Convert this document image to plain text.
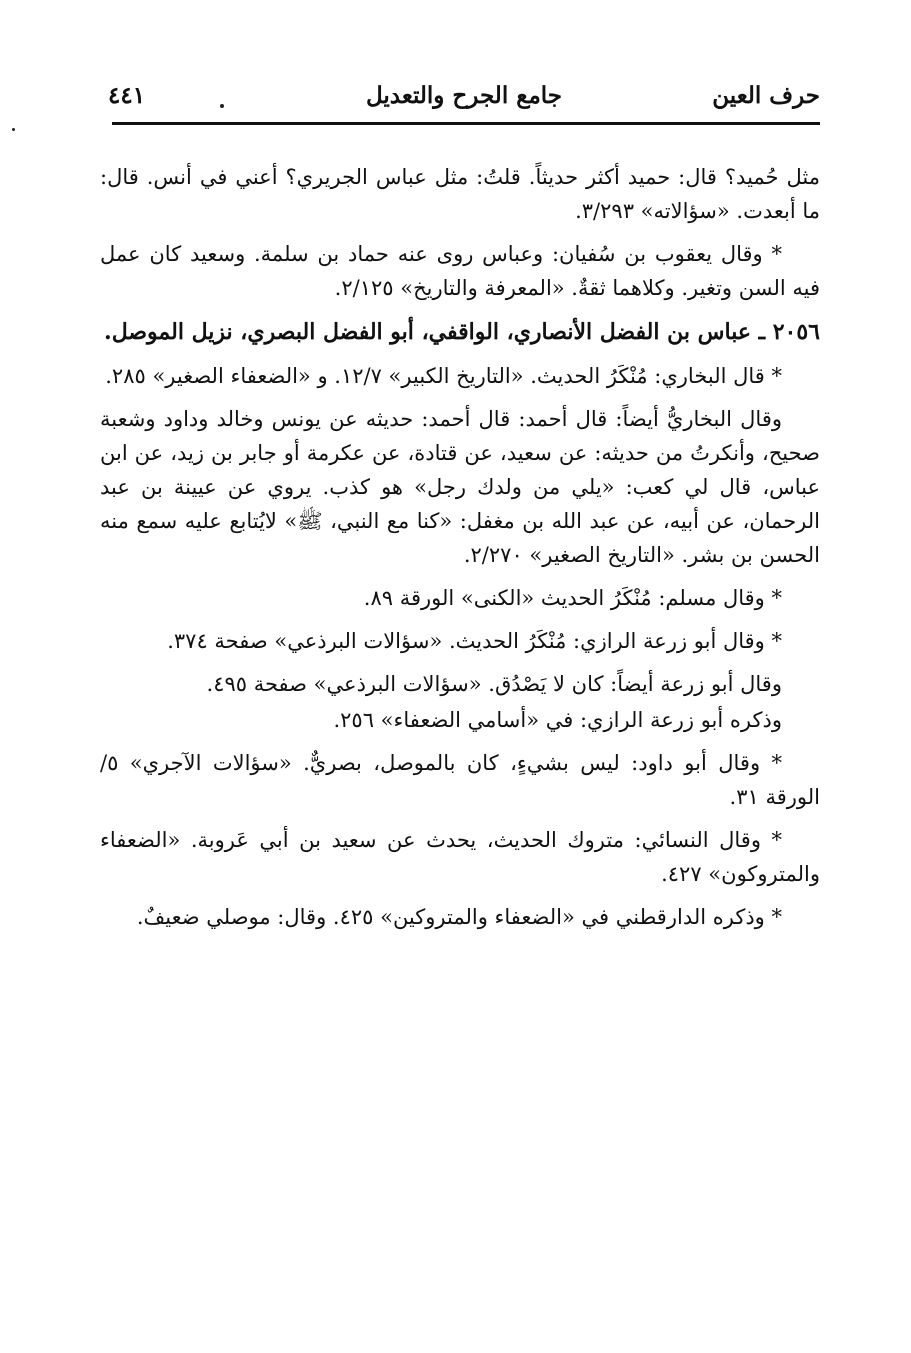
حرف العين
جامع الجرح والتعديل
٤٤١

مثل حُميد؟ قال: حميد أكثر حديثاً. قلتُ: مثل عباس الجريري؟ أعني في أنس. قال: ما أبعدت. «سؤالاته» ٣/٢٩٣.

* وقال يعقوب بن سُفيان: وعباس روى عنه حماد بن سلمة. وسعيد كان عمل فيه السن وتغير. وكلاهما ثقةٌ. «المعرفة والتاريخ» ٢/١٢٥.

٢٠٥٦ ـ عباس بن الفضل الأنصاري، الواقفي، أبو الفضل البصري، نزيل الموصل.

* قال البخاري: مُنْكَرُ الحديث. «التاريخ الكبير» ١٢/٧. و «الضعفاء الصغير» ٢٨٥.

وقال البخاريُّ أيضاً: قال أحمد: قال أحمد: حديثه عن يونس وخالد وداود وشعبة صحيح، وأنكرتُ من حديثه: عن سعيد، عن قتادة، عن عكرمة أو جابر بن زيد، عن ابن عباس، قال لي كعب: «يلي من ولدك رجل» هو كذب. يروي عن عيينة بن عبد الرحمان، عن أبيه، عن عبد الله بن مغفل: «كنا مع النبي، ﷺ» لايُتابع عليه سمع منه الحسن بن بشر. «التاريخ الصغير» ٢/٢٧٠.

* وقال مسلم: مُنْكَرُ الحديث «الكنى» الورقة ٨٩.

* وقال أبو زرعة الرازي: مُنْكَرُ الحديث. «سؤالات البرذعي» صفحة ٣٧٤.

وقال أبو زرعة أيضاً: كان لا يَصْدُق. «سؤالات البرذعي» صفحة ٤٩٥.

وذكره أبو زرعة الرازي: في «أسامي الضعفاء» ٢٥٦.

* وقال أبو داود: ليس بشيءٍ، كان بالموصل، بصريٌّ. «سؤالات الآجري» ٥/الورقة ٣١.

* وقال النسائي: متروك الحديث، يحدث عن سعيد بن أبي عَروبة. «الضعفاء والمتروكون» ٤٢٧.

* وذكره الدارقطني في «الضعفاء والمتروكين» ٤٢٥. وقال: موصلي ضعيفٌ.
